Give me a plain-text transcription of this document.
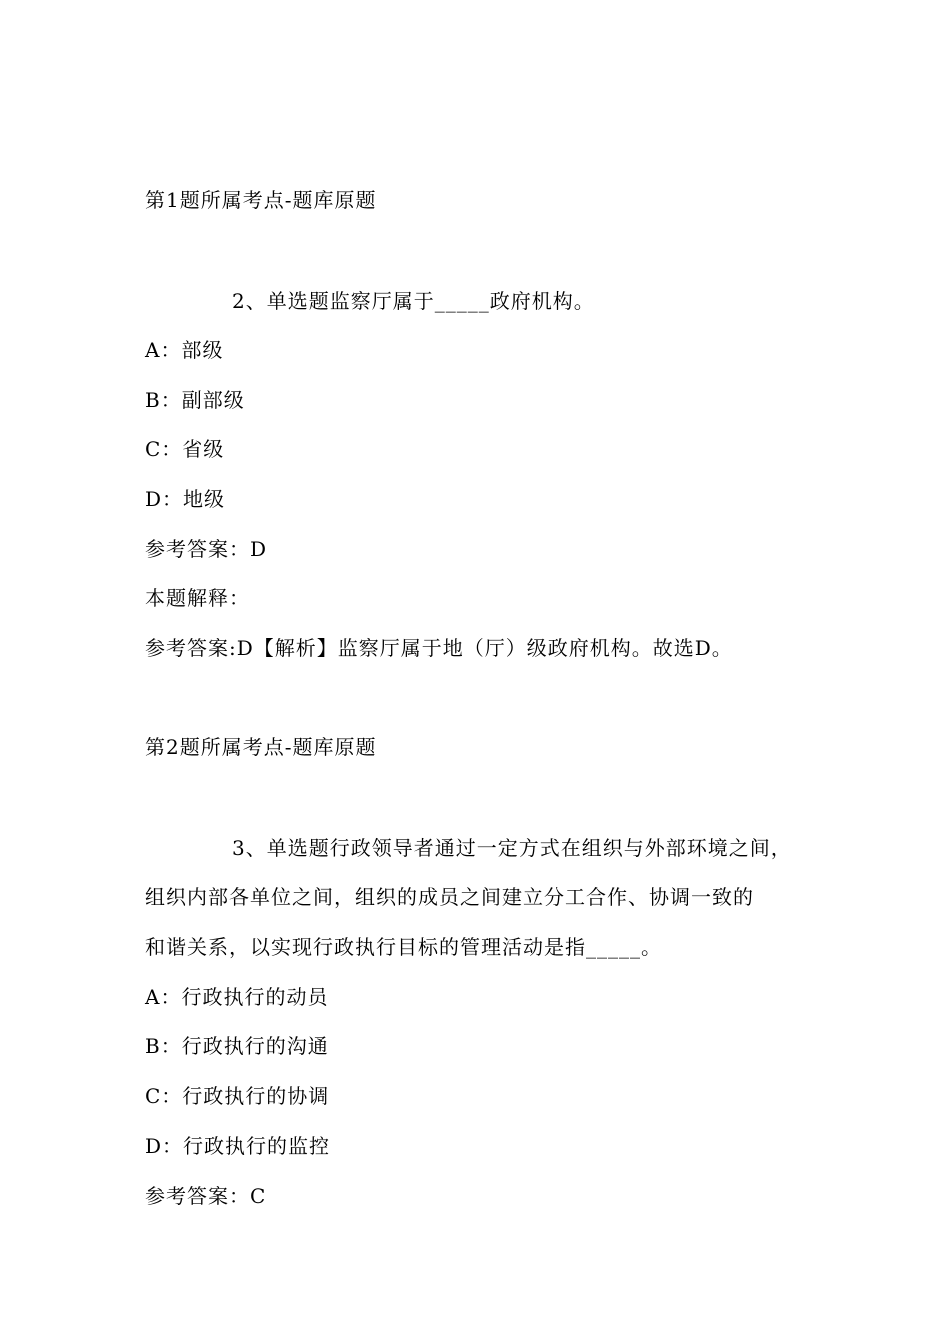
第1题所属考点-题库原题
2、单选题监察厅属于_____政府机构。
A：部级
B：副部级
C：省级
D：地级
参考答案：D
本题解释：
参考答案:D【解析】监察厅属于地（厅）级政府机构。故选D。
第2题所属考点-题库原题
3、单选题行政领导者通过一定方式在组织与外部环境之间，
组织内部各单位之间，组织的成员之间建立分工合作、协调一致的
和谐关系，以实现行政执行目标的管理活动是指_____。
A：行政执行的动员
B：行政执行的沟通
C：行政执行的协调
D：行政执行的监控
参考答案：C
